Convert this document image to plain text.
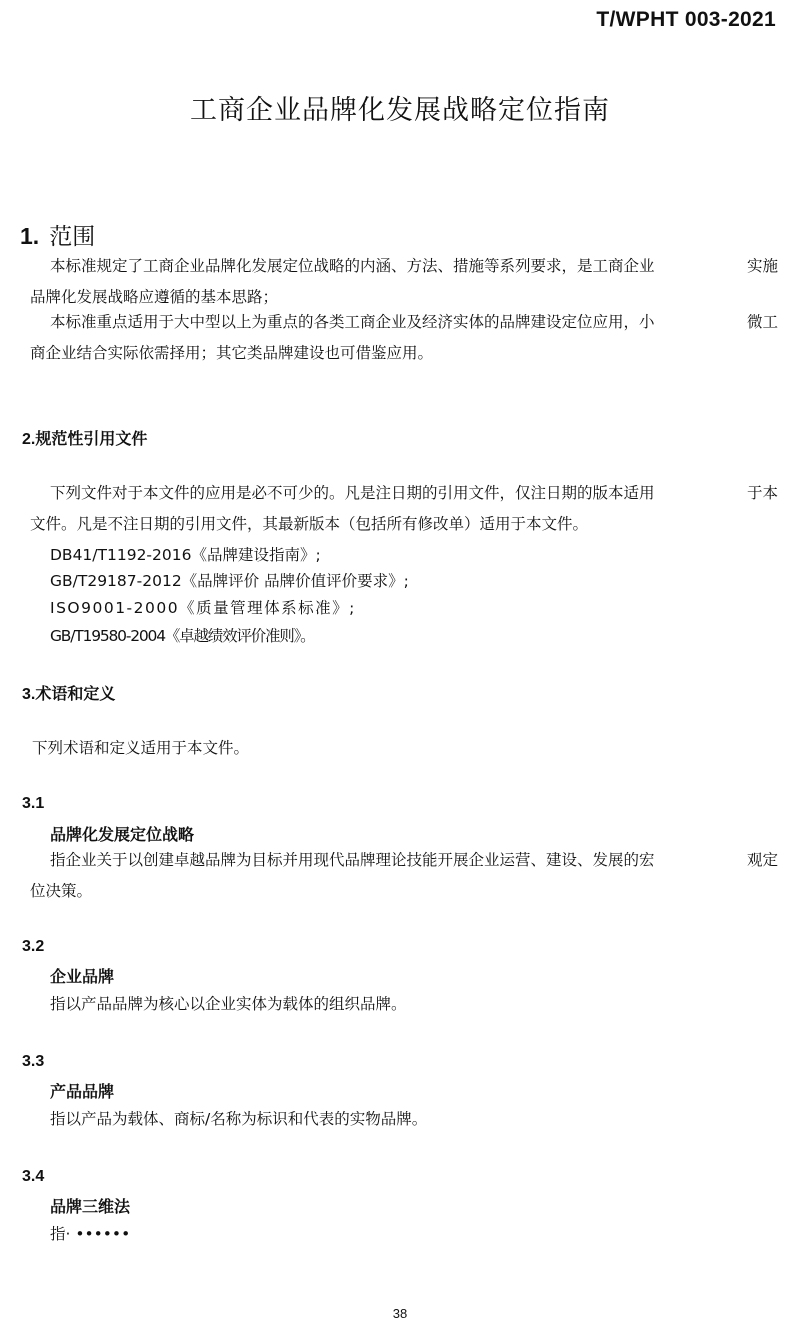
T/WPHT 003-2021
工商企业品牌化发展战略定位指南
1. 范围
本标准规定了工商企业品牌化发展定位战略的内涵、方法、措施等系列要求，是工商企业	实施
品牌化发展战略应遵循的基本思路；
本标准重点适用于大中型以上为重点的各类工商企业及经济实体的品牌建设定位应用，小	微工
商企业结合实际依需择用；其它类品牌建设也可借鉴应用。
2.规范性引用文件
下列文件对于本文件的应用是必不可少的。凡是注日期的引用文件，仅注日期的版本适用	于本
文件。凡是不注日期的引用文件，其最新版本（包括所有修改单）适用于本文件。
DB41/T1192-2016《品牌建设指南》;
GB/T29187-2012《品牌评价 品牌价值评价要求》;
ISO9001-2000《质量管理体系标准》;
GB/T19580-2004《卓越绩效评价准则》。
3.术语和定义
下列术语和定义适用于本文件。
3.1
品牌化发展定位战略
指企业关于以创建卓越品牌为目标并用现代品牌理论技能开展企业运营、建设、发展的宏	观定
位决策。
3.2
企业品牌
指以产品品牌为核心以企业实体为载体的组织品牌。
3.3
产品品牌
指以产品为载体、商标/名称为标识和代表的实物品牌。
3.4
品牌三维法
指· ••••••
38
